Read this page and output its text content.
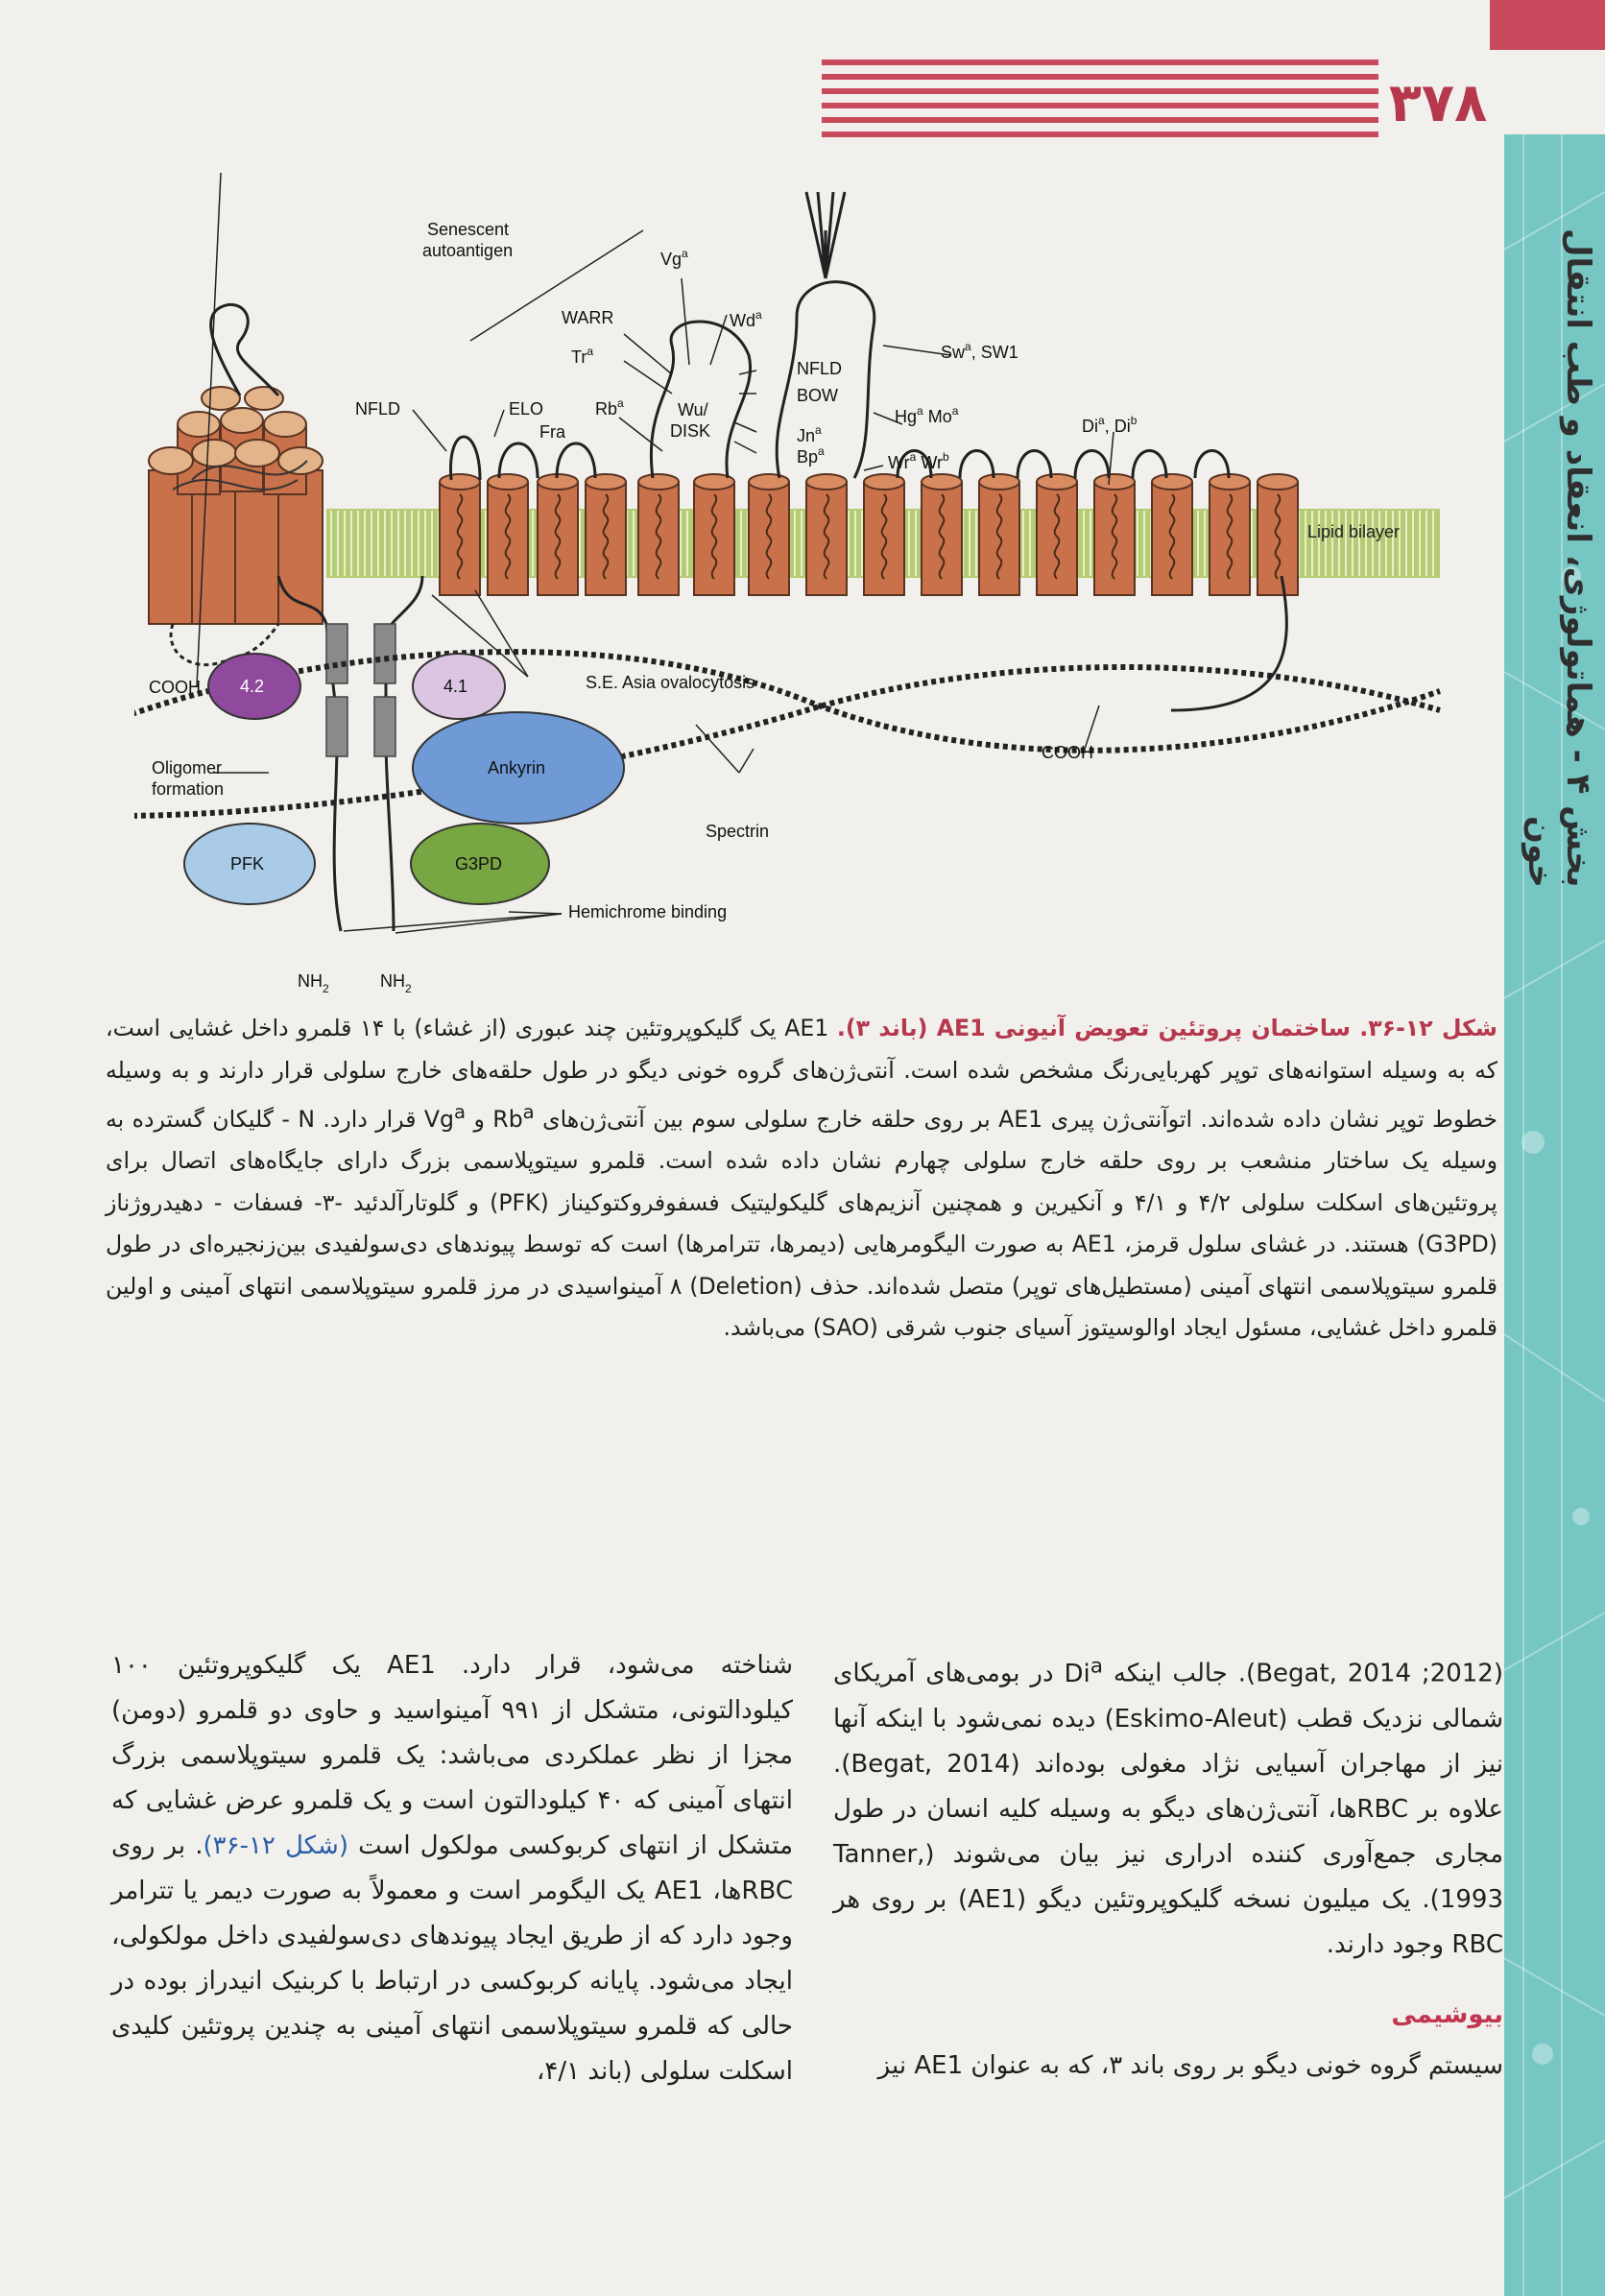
بخش ۴ - هماتولوژی، انعقاد و طب انتقال خون
۳۷۸
Lipid bilayer
Senescent
autoantigen	Vg$^a$
WARR	Wd$^a$
Tr$^a$
NFLD
BOW
Sw$^a$, SW1
NFLD	ELO	Rb$^a$	Wu/
DISK
Fra
Hg$^a$ Mo$^a$
Jn$^a$
Bp$^a$
Wr$^a$ Wr$^b$
Di$^a$, Di$^b$
COOH
COOH
4.2	4.1	S.E. Asia ovalocytosis
Oligomer
formation
Ankyrin
Spectrin
PFK	G3PD
Hemichrome binding
$NH_2$	$NH_2$
شکل ۱۲-۳۶. ساختمان پروتئین تعویض آنیونی AE1 (باند ۳). AE1 یک گلیکوپروتئین چند عبوری (از غشاء) با ۱۴ قلمرو داخل غشایی است، که به وسیله استوانه‌های توپر کهربایی‌رنگ مشخص شده است. آنتی‌ژن‌های گروه خونی دیگو در طول حلقه‌های خارج سلولی قرار دارند و به وسیله خطوط توپر نشان داده شده‌اند. اتوآنتی‌ژن پیری AE1 بر روی حلقه خارج سلولی سوم بین آنتی‌ژن‌های Rb$^a$ و Vg$^a$ قرار دارد. N - گلیکان گسترده به وسیله یک ساختار منشعب بر روی حلقه خارج سلولی چهارم نشان داده شده است. قلمرو سیتوپلاسمی بزرگ دارای جایگاه‌های اتصال برای پروتئین‌های اسکلت سلولی ۴/۲ و ۴/۱ و آنکیرین و همچنین آنزیم‌های گلیکولیتیک فسفوفروکتوکیناز (PFK) و گلوتارآلدئید -۳- فسفات - دهیدروژناز (G3PD) هستند. در غشای سلول قرمز، AE1 به صورت الیگومرهایی (دیمرها، تترامرها) است که توسط پیوندهای دی‌سولفیدی بین‌زنجیره‌ای در طول قلمرو سیتوپلاسمی انتهای آمینی (مستطیل‌های توپر) متصل شده‌اند. حذف (Deletion) ۸ آمینواسیدی در مرز قلمرو سیتوپلاسمی انتهای آمینی و اولین قلمرو داخل غشایی، مسئول ایجاد اوالوسیتوز آسیای جنوب شرقی (SAO) می‌باشد.

(Begat, 2014 ;2012). جالب اینکه Di$^a$ در بومی‌های آمریکای شمالی نزدیک قطب (Eskimo-Aleut) دیده نمی‌شود با اینکه آنها نیز از مهاجران آسیایی نژاد مغولی بوده‌اند (Begat, 2014). علاوه بر RBCها، آنتی‌ژن‌های دیگو به وسیله کلیه انسان در طول مجاری جمع‌آوری کننده ادراری نیز بیان می‌شوند (Tanner, 1993). یک میلیون نسخه گلیکوپروتئین دیگو (AE1) بر روی هر RBC وجود دارند.

بیوشیمی

سیستم گروه خونی دیگو بر روی باند ۳، که به عنوان AE1 نیز

شناخته می‌شود، قرار دارد. AE1 یک گلیکوپروتئین ۱۰۰ کیلودالتونی، متشکل از ۹۹۱ آمینواسید و حاوی دو قلمرو (دومن) مجزا از نظر عملکردی می‌باشد: یک قلمرو سیتوپلاسمی بزرگ انتهای آمینی که ۴۰ کیلودالتون است و یک قلمرو عرض غشایی که متشکل از انتهای کربوکسی مولکول است (شکل ۱۲-۳۶). بر روی RBCها، AE1 یک الیگومر است و معمولاً به صورت دیمر یا تترامر وجود دارد که از طریق ایجاد پیوندهای دی‌سولفیدی داخل مولکولی، ایجاد می‌شود. پایانه کربوکسی در ارتباط با کربنیک انیدراز بوده در حالی که قلمرو سیتوپلاسمی انتهای آمینی به چندین پروتئین کلیدی اسکلت سلولی (باند ۴/۱،
